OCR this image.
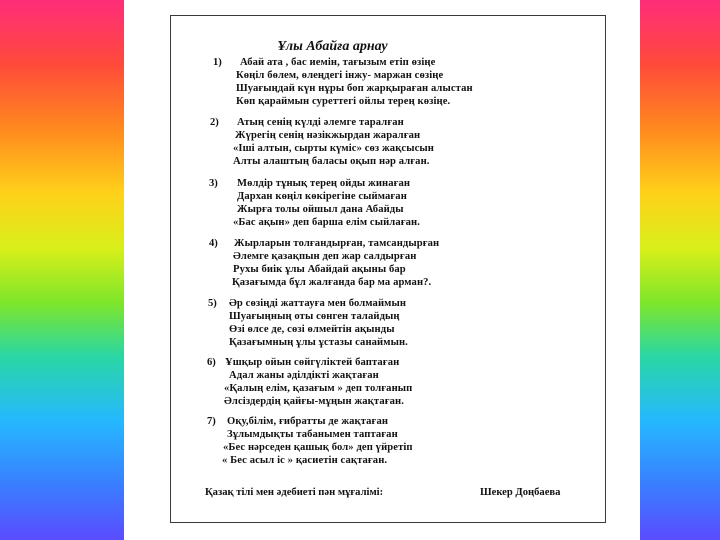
Ұлы Абайға арнау
1) Абай ата , бас иемін, тағызым етіп өзіңе
Көңіл бөлем, өлеңдегі інжу- маржан сөзіңе
Шуағыңдай күн нұры боп жарқыраған алыстан
Көп қараймын суреттегі ойлы терең көзіңе.
2) Атың сенің күлді әлемге таралған
Жүрегің сенің нәзікжырдан жаралған
«Іші алтын, сырты күміс» сөз жақсысын
Алты алаштың баласы оқып нәр алған.
3) Мөлдір тұнық терең ойды жинаған
Дархан көңіл көкірегіне сыймаған
Жырға толы ойшыл дана Абайды
«Бас ақын» деп барша елім сыйлаған.
4) Жырларын толғандырған, тамсандырған
Әлемге қазақпын деп жар салдырған
Рухы биік ұлы Абайдай ақыны бар
Қазағымда бұл жалғанда бар ма арман?.
5) Әр сөзіңді жаттауға мен болмаймын
Шуағыңның оты сөнген талайдың
Өзі өлсе де, сөзі өлмейтін ақынды
Қазағымның ұлы ұстазы санаймын.
6) Ұшқыр ойын сөйгүліктей баптаған
Адал жаны әділдікті жақтаған
«Қалың елім, қазағым » деп толғанып
Әлсіздердің қайғы-мұңын жақтаған.
7) Оқу,білім, ғибратты де жақтаған
Зұлымдықты табанымен таптаған
«Бес нәрседен қашық бол» деп үйретіп
« Бес асыл іс » қасиетін сақтаған.
Қазақ тілі мен әдебиеті пән мұғалімі:	Шекер Доңбаева
